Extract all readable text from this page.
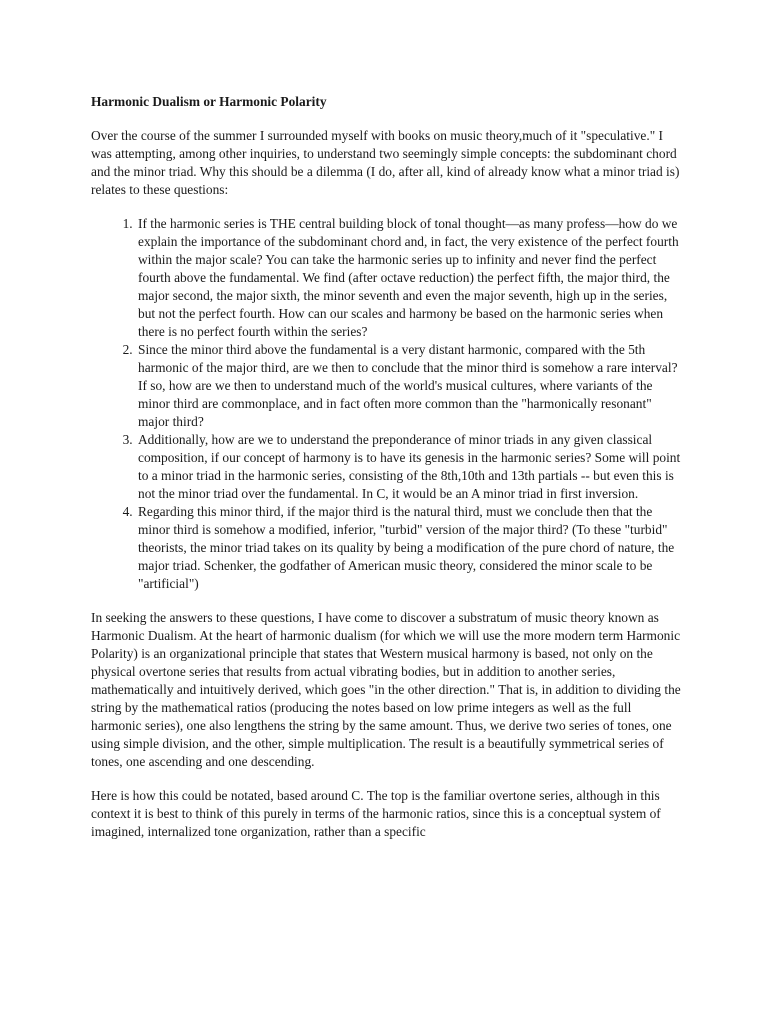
Harmonic Dualism or Harmonic Polarity

Over the course of the summer I surrounded myself with books on music theory,much of it "speculative." I was attempting, among other inquiries, to understand two seemingly simple concepts: the subdominant chord and the minor triad. Why this should be a dilemma (I do, after all, kind of already know what a minor triad is) relates to these questions:

1. If the harmonic series is THE central building block of tonal thought—as many profess—how do we explain the importance of the subdominant chord and, in fact, the very existence of the perfect fourth within the major scale? You can take the harmonic series up to infinity and never find the perfect fourth above the fundamental. We find (after octave reduction) the perfect fifth, the major third, the major second, the major sixth, the minor seventh and even the major seventh, high up in the series, but not the perfect fourth. How can our scales and harmony be based on the harmonic series when there is no perfect fourth within the series?
2. Since the minor third above the fundamental is a very distant harmonic, compared with the 5th harmonic of the major third, are we then to conclude that the minor third is somehow a rare interval? If so, how are we then to understand much of the world's musical cultures, where variants of the minor third are commonplace, and in fact often more common than the "harmonically resonant" major third?
3. Additionally, how are we to understand the preponderance of minor triads in any given classical composition, if our concept of harmony is to have its genesis in the harmonic series? Some will point to a minor triad in the harmonic series, consisting of the 8th,10th and 13th partials -- but even this is not the minor triad over the fundamental. In C, it would be an A minor triad in first inversion.
4. Regarding this minor third, if the major third is the natural third, must we conclude then that the minor third is somehow a modified, inferior, "turbid" version of the major third? (To these "turbid" theorists, the minor triad takes on its quality by being a modification of the pure chord of nature, the major triad. Schenker, the godfather of American music theory, considered the minor scale to be "artificial")

In seeking the answers to these questions, I have come to discover a substratum of music theory known as Harmonic Dualism. At the heart of harmonic dualism (for which we will use the more modern term Harmonic Polarity) is an organizational principle that states that Western musical harmony is based, not only on the physical overtone series that results from actual vibrating bodies, but in addition to another series, mathematically and intuitively derived, which goes "in the other direction." That is, in addition to dividing the string by the mathematical ratios (producing the notes based on low prime integers as well as the full harmonic series), one also lengthens the string by the same amount. Thus, we derive two series of tones, one using simple division, and the other, simple multiplication. The result is a beautifully symmetrical series of tones, one ascending and one descending.

Here is how this could be notated, based around C. The top is the familiar overtone series, although in this context it is best to think of this purely in terms of the harmonic ratios, since this is a conceptual system of imagined, internalized tone organization, rather than a specific
